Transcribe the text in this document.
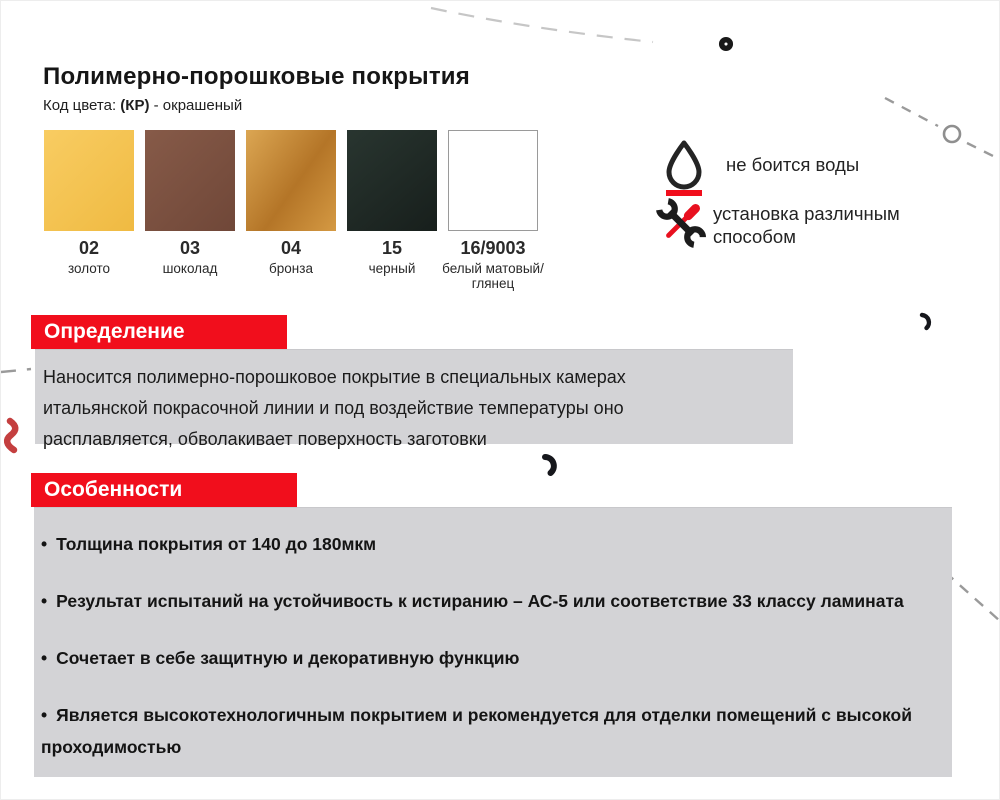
Полимерно-порошковые покрытия
Код цвета: (КР) - окрашеный
02
золото
03
шоколад
04
бронза
15
черный
16/9003
белый матовый/глянец
не боится воды
установка различным способом
Определение
Наносится полимерно-порошковое покрытие в специальных камерах
итальянской покрасочной линии и под воздействие температуры оно
расплавляется, обволакивает поверхность заготовки
Особенности
• Толщина покрытия от 140 до 180мкм
• Результат испытаний на устойчивость к истиранию – АС-5 или соответствие 33 классу ламината
• Сочетает в себе защитную и декоративную функцию
• Является высокотехнологичным покрытием и рекомендуется для отделки помещений с высокой проходимостью
